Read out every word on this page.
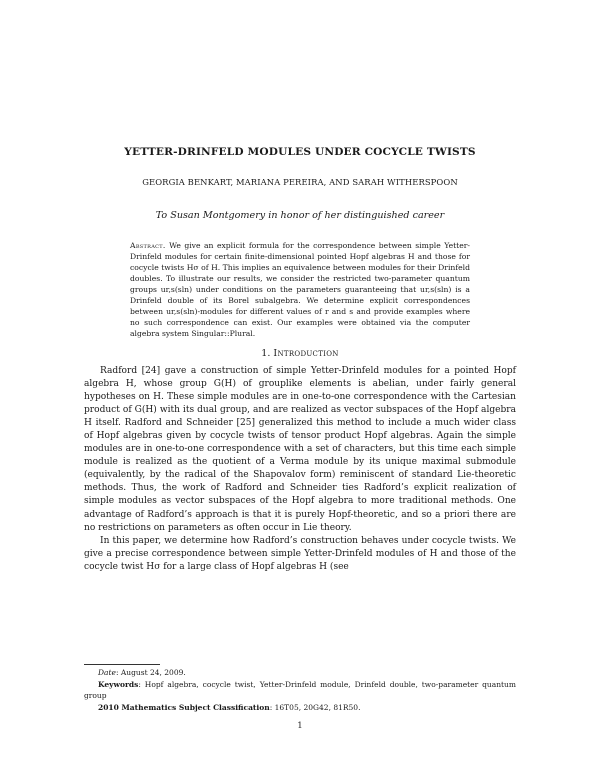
YETTER-DRINFELD MODULES UNDER COCYCLE TWISTS
GEORGIA BENKART, MARIANA PEREIRA, AND SARAH WITHERSPOON
To Susan Montgomery in honor of her distinguished career

Abstract. We give an explicit formula for the correspondence between simple Yetter-Drinfeld modules for certain finite-dimensional pointed Hopf algebras H and those for cocycle twists Hσ of H. This implies an equivalence between modules for their Drinfeld doubles. To illustrate our results, we consider the restricted two-parameter quantum groups ur,s(sln) under conditions on the parameters guaranteeing that ur,s(sln) is a Drinfeld double of its Borel subalgebra. We determine explicit correspondences between ur,s(sln)-modules for different values of r and s and provide examples where no such correspondence can exist. Our examples were obtained via the computer algebra system Singular::Plural.

1. Introduction

Radford [24] gave a construction of simple Yetter-Drinfeld modules for a pointed Hopf algebra H, whose group G(H) of grouplike elements is abelian, under fairly general hypotheses on H. These simple modules are in one-to-one correspondence with the Cartesian product of G(H) with its dual group, and are realized as vector subspaces of the Hopf algebra H itself. Radford and Schneider [25] generalized this method to include a much wider class of Hopf algebras given by cocycle twists of tensor product Hopf algebras. Again the simple modules are in one-to-one correspondence with a set of characters, but this time each simple module is realized as the quotient of a Verma module by its unique maximal submodule (equivalently, by the radical of the Shapovalov form) reminiscent of standard Lie-theoretic methods. Thus, the work of Radford and Schneider ties Radford’s explicit realization of simple modules as vector subspaces of the Hopf algebra to more traditional methods. One advantage of Radford’s approach is that it is purely Hopf-theoretic, and so a priori there are no restrictions on parameters as often occur in Lie theory.

In this paper, we determine how Radford’s construction behaves under cocycle twists. We give a precise correspondence between simple Yetter-Drinfeld modules of H and those of the cocycle twist Hσ for a large class of Hopf algebras H (see

Date: August 24, 2009.

Keywords: Hopf algebra, cocycle twist, Yetter-Drinfeld module, Drinfeld double, two-parameter quantum group

2010 Mathematics Subject Classification: 16T05, 20G42, 81R50.

1
